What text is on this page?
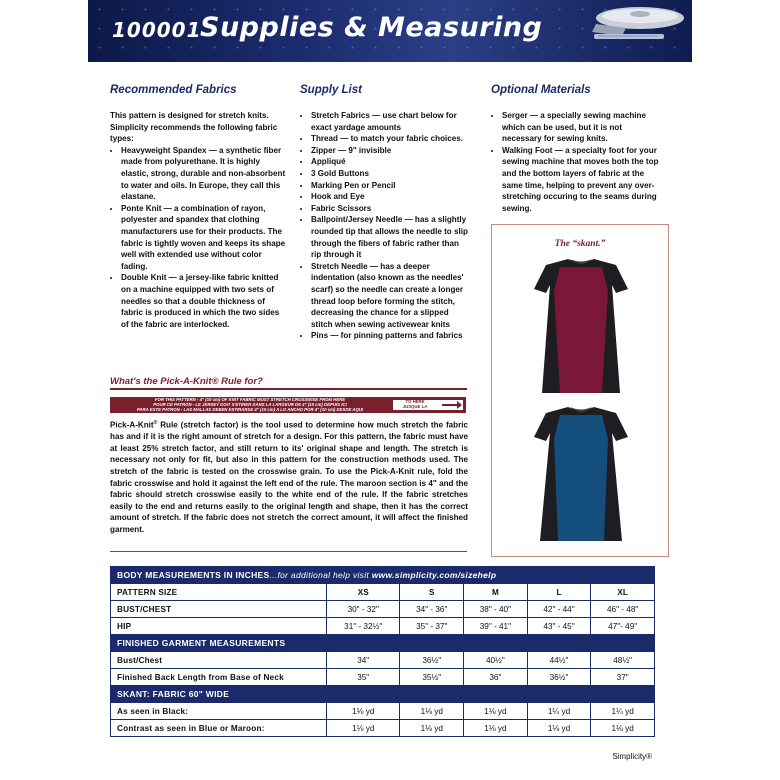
100001
Supplies & Measuring
Recommended Fabrics

This pattern is designed for stretch knits. Simplicity recommends the following fabric types:

• Heavyweight Spandex — a synthetic fiber made from polyurethane. It is highly elastic, strong, durable and non-absorbent to water and oils. In Europe, they call this elastane.
• Ponte Knit — a combination of rayon, polyester and spandex that clothing manufacturers use for their products. The fabric is tightly woven and keeps its shape well with extended use without color fading.
• Double Knit — a jersey-like fabric knitted on a machine equipped with two sets of needles so that a double thickness of fabric is produced in which the two sides of the fabric are interlocked.
Supply List
• Stretch Fabrics — use chart below for exact yardage amounts
• Thread — to match your fabric choices.
• Zipper — 9" invisible
• Appliqué
• 3 Gold Buttons
• Marking Pen or Pencil
• Hook and Eye
• Fabric Scissors
• Ballpoint/Jersey Needle — has a slightly rounded tip that allows the needle to slip through the fibers of fabric rather than rip through it
• Stretch Needle — has a deeper indentation (also known as the needles' scarf) so the needle can create a longer thread loop before forming the stitch, decreasing the chance for a slipped stitch when sewing activewear knits
• Pins — for pinning patterns and fabrics
Optional Materials
• Serger — a specially sewing machine which can be used, but it is not necessary for sewing knits.
• Walking Foot — a specialty foot for your sewing machine that moves both the top and the bottom layers of fabric at the same time, helping to prevent any over-stretching occuring to the seams during sewing.
The “skant.”
What's the Pick-A-Knit® Rule for?
FOR THIS PATTERN - 4" (10 cm) OF KNIT FABRIC MUST STRETCH CROSSWISE FROM HERE
POUR CE PATRON - LE JERSEY DOIT S'ETIRER DANS LA LARGEUR DE 4" (10 cm) DEPUIS ICI
PARA ESTE PATRON - LAS MALLAS DEBEN ESTIRARSE 4" (10 cm) A LO ANCHO POR 4" (10 cm) DESDE AQUI
TO HERE
JUSQUE LA
HASTA ALLA
Pick-A-Knit® Rule (stretch factor) is the tool used to determine how much stretch the fabric has and if it is the right amount of stretch for a design. For this pattern, the fabric must have at least 25% stretch factor, and still return to its' original shape and length. The stretch is necessary not only for fit, but also in this pattern for the construction methods used. The stretch of the fabric is tested on the crosswise grain. To use the Pick-A-Knit rule, fold the fabric crosswise and hold it against the left end of the rule. The maroon section is 4" and the fabric should stretch crosswise easily to the white end of the rule. If the fabric stretches easily to the end and returns easily to the original length and shape, then it has the correct amount of stretch. If the fabric does not stretch the correct amount, it will affect the finished garment.
BODY MEASUREMENTS IN INCHES...for additional help visit www.simplicity.com/sizehelp					
PATTERN SIZE	XS	S	M	L	XL
BUST/CHEST	30" - 32"	34" - 36"	38" - 40"	42" - 44"	46" - 48"
HIP	31" - 32½"	35" - 37"	39" - 41"	43" - 45"	47"- 49"
FINISHED GARMENT MEASUREMENTS					
Bust/Chest	34"	36½"	40½"	44½"	48½"
Finished Back Length from Base of Neck	35"	35½"	36"	36½"	37"
SKANT: FABRIC 60" WIDE					
As seen in Black:	1⅛ yd	1⅛ yd	1⅛ yd	1¼ yd	1¼ yd
Contrast as seen in Blue or Maroon:	1⅛ yd	1⅛ yd	1⅛ yd	1⅛ yd	1⅛ yd
Simplicity®
